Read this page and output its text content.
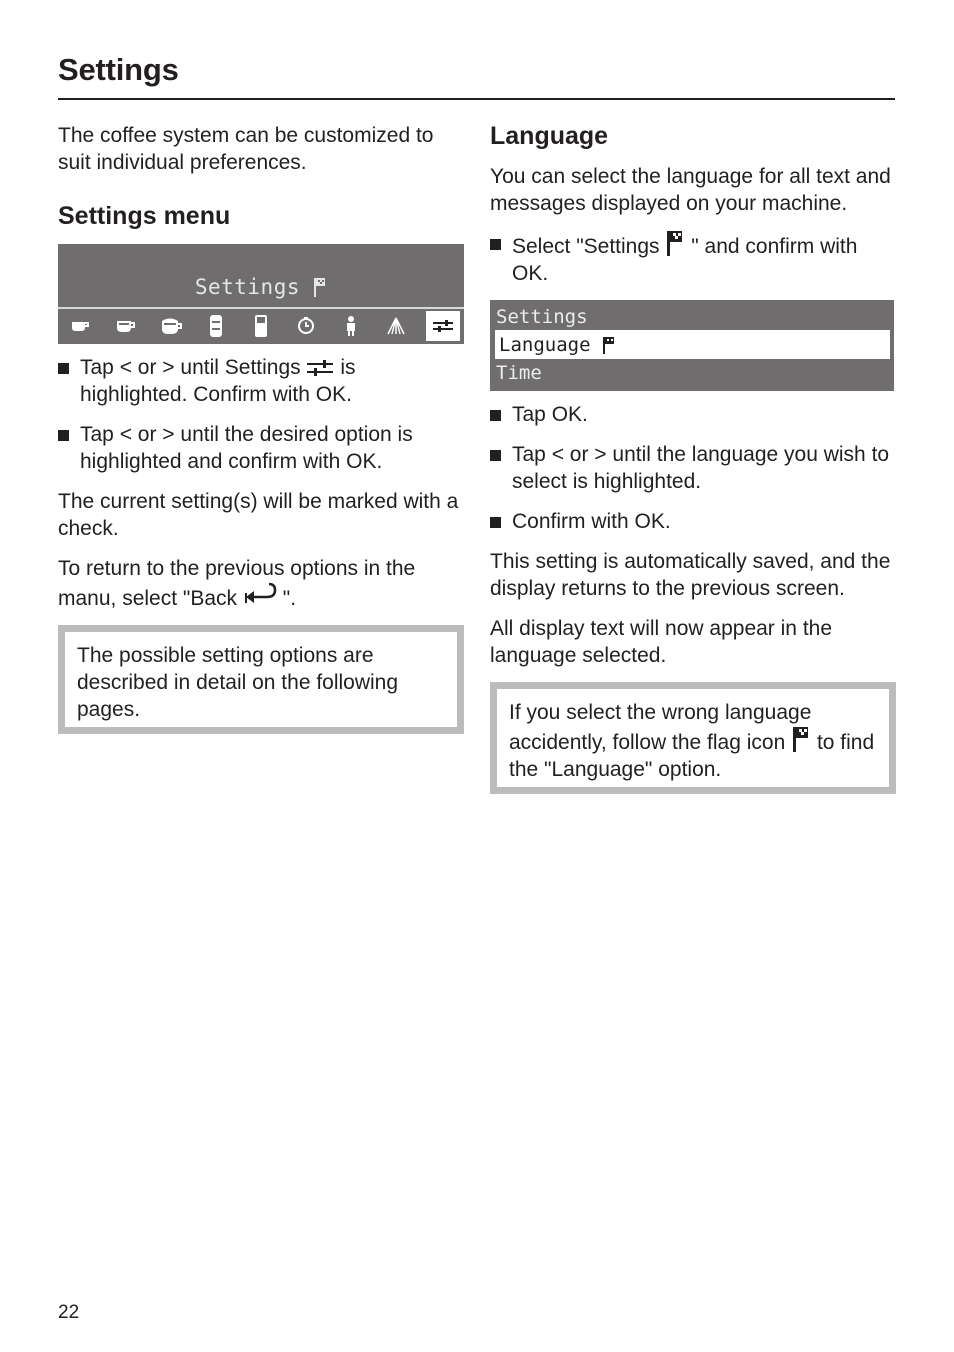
Settings

The coffee system can be customized to suit individual preferences.

Settings menu
Settings
Tap < or > until Settings is highlighted. Confirm with OK.
Tap < or > until the desired option is highlighted and confirm with OK.

The current setting(s) will be marked with a check.

To return to the previous options in the manu, select "Back ".

The possible setting options are described in detail on the following pages.

Language

You can select the language for all text and messages displayed on your machine.

Select "Settings " and confirm with OK.
Settings
Language
Time
Tap OK.
Tap < or > until the language you wish to select is highlighted.
Confirm with OK.

This setting is automatically saved, and the display returns to the previous screen.

All display text will now appear in the language selected.

If you select the wrong language accidently, follow the flag icon to find the "Language" option.

22
